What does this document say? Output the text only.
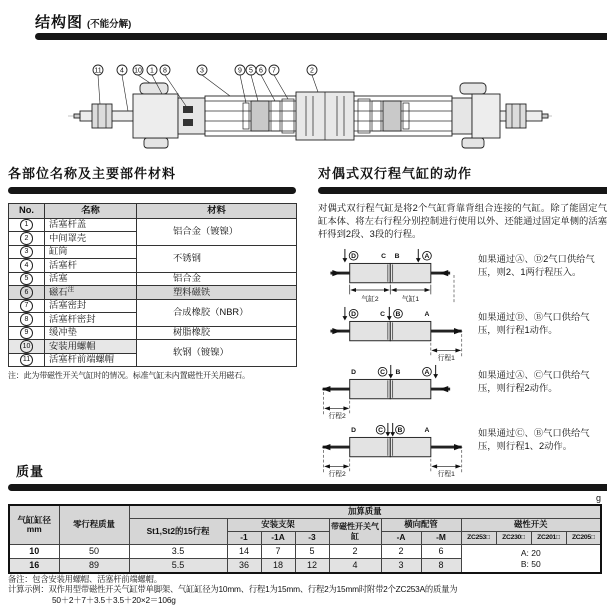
结构图 (不能分解)
11	4 10 1 8	3	9 5 6 7	2
各部位名称及主要部件材料
No.	名称	材料
1	活塞杆盖	铝合金（镀镍）
2	中间罩壳	
3	缸筒	不锈钢
4	活塞杆	
5	活塞	铝合金
6	磁石$^注$	塑料磁铁
7	活塞密封	合成橡胶（NBR）
8	活塞杆密封	
9	缓冲垫	树脂橡胶
10	安装用螺帽	软钢（镀镍）
11	活塞杆前端螺帽	
注：此为带磁性开关气缸时的情况。标准气缸未内置磁性开关用磁石。
对偶式双行程气缸的动作

对偶式双行程气缸是将2个气缸背靠背组合连接的气缸。除了能固定气缸本体、将左右行程分别控制进行使用以外、还能通过固定单侧的活塞杆得到2段、3段的行程。

D	C B	A
气缸2	气缸1
如果通过Ⓐ、Ⓓ2气口供给气压，则2、1两行程压入。
D	C B	A
行程1
如果通过Ⓓ、Ⓑ气口供给气压，则行程1动作。
D	C B	A
行程2
如果通过Ⓐ、Ⓒ气口供给气压，则行程2动作。
D	C B	A
行程2	行程1
如果通过Ⓒ、Ⓑ气口供给气压，则行程1、2动作。
质量
g
气缸缸径
mm	零行程质量	加算质量										
		St1,St2的15行程	安装支架			带磁性开关气缸	横向配管		磁性开关			
			-1	-1A	-3		-A	-M	ZC253□	ZC230□	ZC201□	ZC205□
10	50	3.5	14	7	5	2	2	6	A: 20
B: 50			

16	89	5.5	36	18	12	4	3	8				
备注：包含安装用螺帽、活塞杆前端螺帽。
计算示例：双作用型带磁性开关气缸带单脚架、气缸缸径为10mm、行程1为15mm、行程2为15mm时附带2个ZC253A的质量为
50＋2＋7＋3.5＋3.5＋20×2＝106g
